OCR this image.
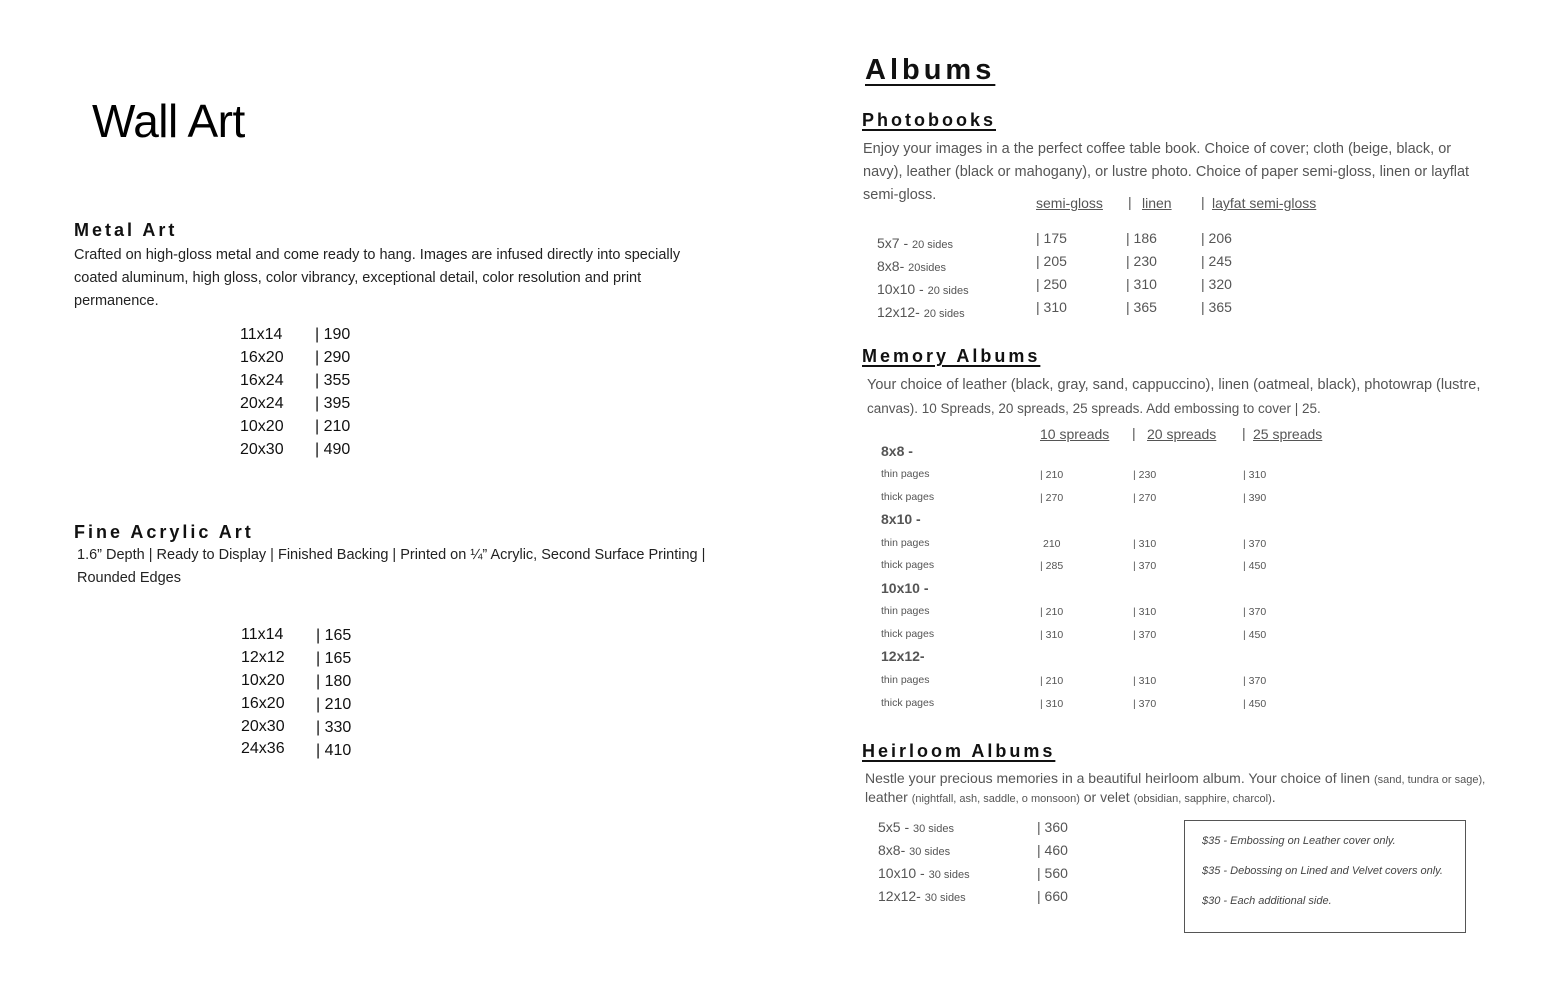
Wall Art
Metal Art
Crafted on high-gloss metal and come ready to hang. Images are infused directly into specially
coated aluminum, high gloss, color vibrancy, exceptional detail, color resolution and print
permanence.
11x14 | 190
16x20 | 290
16x24 | 355
20x24 | 395
10x20 | 210
20x30 | 490
Fine Acrylic Art
1.6” Depth | Ready to Display | Finished Backing | Printed on ¼” Acrylic, Second Surface Printing |
Rounded Edges
11x14 | 165
12x12 | 165
10x20 | 180
16x20 | 210
20x30 | 330
24x36 | 410
Albums
Photobooks
Enjoy your images in a the perfect coffee table book. Choice of cover; cloth (beige, black, or
navy), leather (black or mahogany), or lustre photo. Choice of paper semi-gloss, linen or layflat
semi-gloss.	semi-gloss | linen | layfat semi-gloss
5x7 - 20 sides	| 175	| 186	| 206
8x8- 20sides	| 205	| 230	| 245
10x10 - 20 sides	| 250	| 310	| 320
12x12- 20 sides	| 310	| 365	| 365
Memory Albums
Your choice of leather (black, gray, sand, cappuccino), linen (oatmeal, black), photowrap (lustre,
canvas). 10 Spreads, 20 spreads, 25 spreads. Add embossing to cover | 25.
10 spreads | 20 spreads | 25 spreads
8x8 -
thin pages	| 210	| 230	| 310
thick pages	| 270	| 270	| 390
8x10 -
thin pages	210	| 310	| 370
thick pages	| 285	| 370	| 450
10x10 -
thin pages	| 210	| 310	| 370
thick pages	| 310	| 370	| 450
12x12-
thin pages	| 210	| 310	| 370
thick pages	| 310	| 370	| 450
Heirloom Albums
Nestle your precious memories in a beautiful heirloom album. Your choice of linen (sand, tundra or sage),
leather (nightfall, ash, saddle, o monsoon) or velet (obsidian, sapphire, charcol).
5x5 - 30 sides	| 360
8x8- 30 sides	| 460
10x10 - 30 sides	| 560
12x12- 30 sides	| 660
$35 - Embossing on Leather cover only.
$35 - Debossing on Lined and Velvet covers only.
$30 - Each additional side.
